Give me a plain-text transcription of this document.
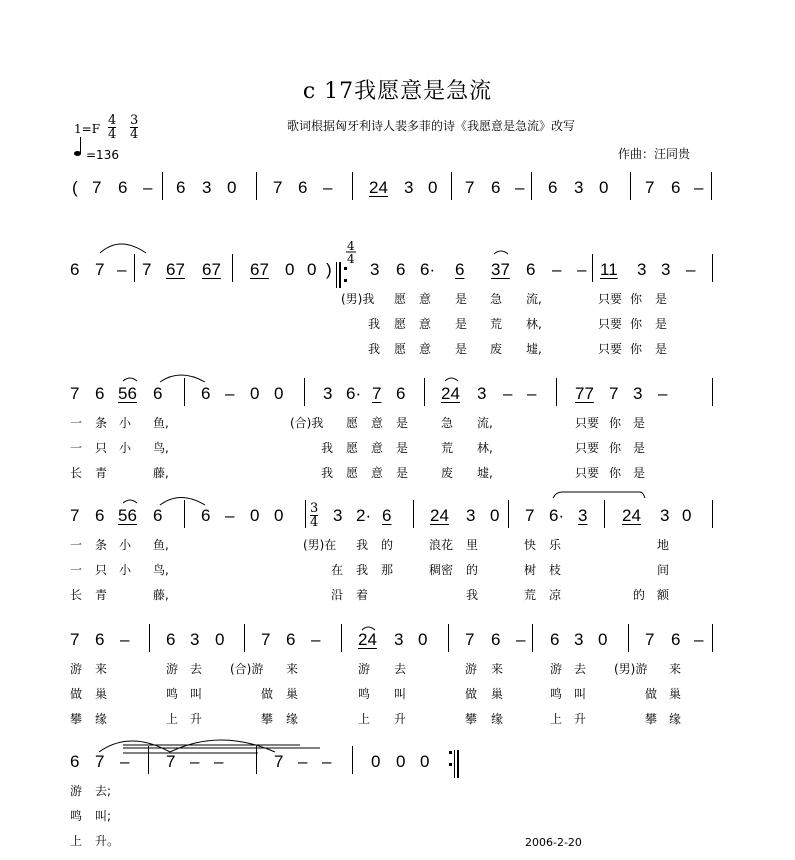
c 17我愿意是急流
歌词根据匈牙利诗人裴多菲的诗《我愿意是急流》改写
$1=F \frac{4}{4} \frac{3}{4}$
=136	作曲：汪同贵
( 7 6 – 6 3 0 7 6 – 24 3 0 7 6 – 6 3 0 7 6 –
6 7 – 7 67 67 67 0 0 ) 3 6 6· 6 37 6 – – 11 3 3 –
(男)我 愿 意 是 急 流,	只要 你 是
我 愿 意 是 荒 林,	只要 你 是
我 愿 意 是 废 墟,	只要 你 是
7 6 56 6 6 – 0 0 3 6· 7 6 24 3 – – 77 7 3 –
一 条 小 鱼,	(合)我 愿 意 是	急 流,	只要 你 是
一 只 小 鸟,	我 愿 意 是	荒 林,	只要 你 是
长 青	藤,	我 愿 意 是	废 墟,	只要 你 是
7 6 56 6 6 – 0 0	3 2· 6 24 3 0 7 6· 3 24 3 0
$\frac{3}{4}$
一 条 小 鱼,	(男)在 我 的	浪花 里	快 乐	地
一 只 小 鸟,	在 我 那	稠密 的	树 枝	间
长 青	藤,	沿 着	我	荒 凉	的 额
7 6 – 6 3 0 7 6 – 24 3 0 7 6 – 6 3 0 7 6 –
游 来	游 去 (合)游 来	游 去	游 来	游 去 (男)游 来
做 巢	鸣 叫	做 巢	鸣 叫	做 巢	鸣 叫	做 巢
攀 缘	上 升	攀 缘	上 升	攀 缘	上 升	攀 缘
6 7 – 7 – –	7 – – 0 0 0
游 去;
鸣 叫;
上 升。	2006-2-20
4
4
